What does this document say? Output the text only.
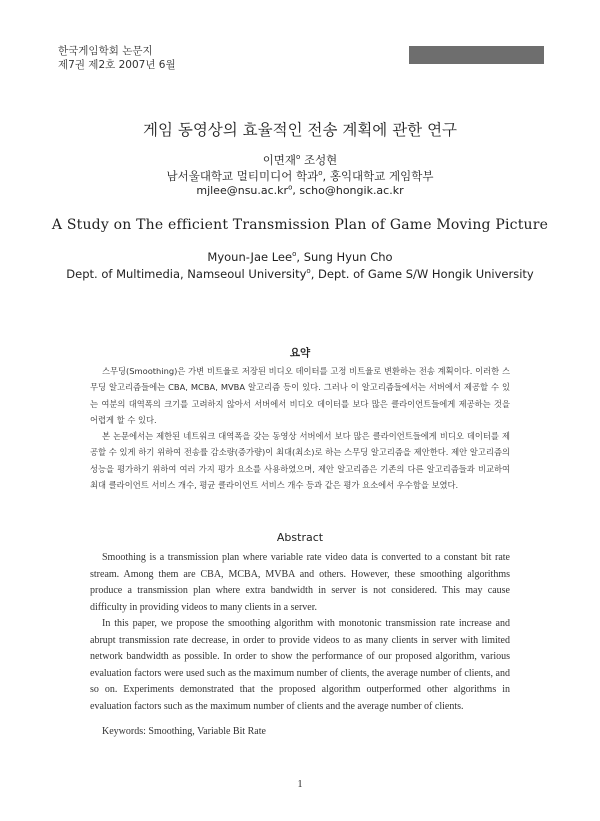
한국게임학회 논문지
제7권 제2호 2007년 6월
게임 동영상의 효율적인 전송 계획에 관한 연구
이면재$^o$ 조성현
남서울대학교 멀티미디어 학과$^o$, 홍익대학교 게임학부
$mjlee@nsu.ac.kr^o$, scho@hongik.ac.kr
A Study on The efficient Transmission Plan of Game Moving Picture
Myoun-Jae Lee$^o$, Sung Hyun Cho
Dept. of Multimedia, Namseoul University$^o$, Dept. of Game S/W Hongik University
요약

스무딩(Smoothing)은 가변 비트율로 저장된 비디오 데이터를 고정 비트율로 변환하는 전송 계획이다. 이러한 스무딩 알고리즘들에는 CBA, MCBA, MVBA 알고리즘 등이 있다. 그러나 이 알고리즘들에서는 서버에서 제공할 수 있는 여분의 대역폭의 크기를 고려하지 않아서 서버에서 비디오 데이터를 보다 많은 클라이언트들에게 제공하는 것을 어렵게 할 수 있다.

본 논문에서는 제한된 네트워크 대역폭을 갖는 동영상 서버에서 보다 많은 클라이언트들에게 비디오 데이터를 제공할 수 있게 하기 위하여 전송률 감소량(증가량)이 최대(최소)로 하는 스무딩 알고리즘을 제안한다. 제안 알고리즘의 성능을 평가하기 위하여 여러 가지 평가 요소를 사용하였으며, 제안 알고리즘은 기존의 다른 알고리즘들과 비교하여 최대 클라이언트 서비스 개수, 평균 클라이언트 서비스 개수 등과 같은 평가 요소에서 우수함을 보였다.

Abstract

Smoothing is a transmission plan where variable rate video data is converted to a constant bit rate stream. Among them are CBA, MCBA, MVBA and others. However, these smoothing algorithms produce a transmission plan where extra bandwidth in server is not considered. This may cause difficulty in providing videos to many clients in a server.

In this paper, we propose the smoothing algorithm with monotonic transmission rate increase and abrupt transmission rate decrease, in order to provide videos to as many clients in server with limited network bandwidth as possible. In order to show the performance of our proposed algorithm, various evaluation factors were used such as the maximum number of clients, the average number of clients, and so on. Experiments demonstrated that the proposed algorithm outperformed other algorithms in evaluation factors such as the maximum number of clients and the average number of clients.

Keywords: Smoothing, Variable Bit Rate
1
